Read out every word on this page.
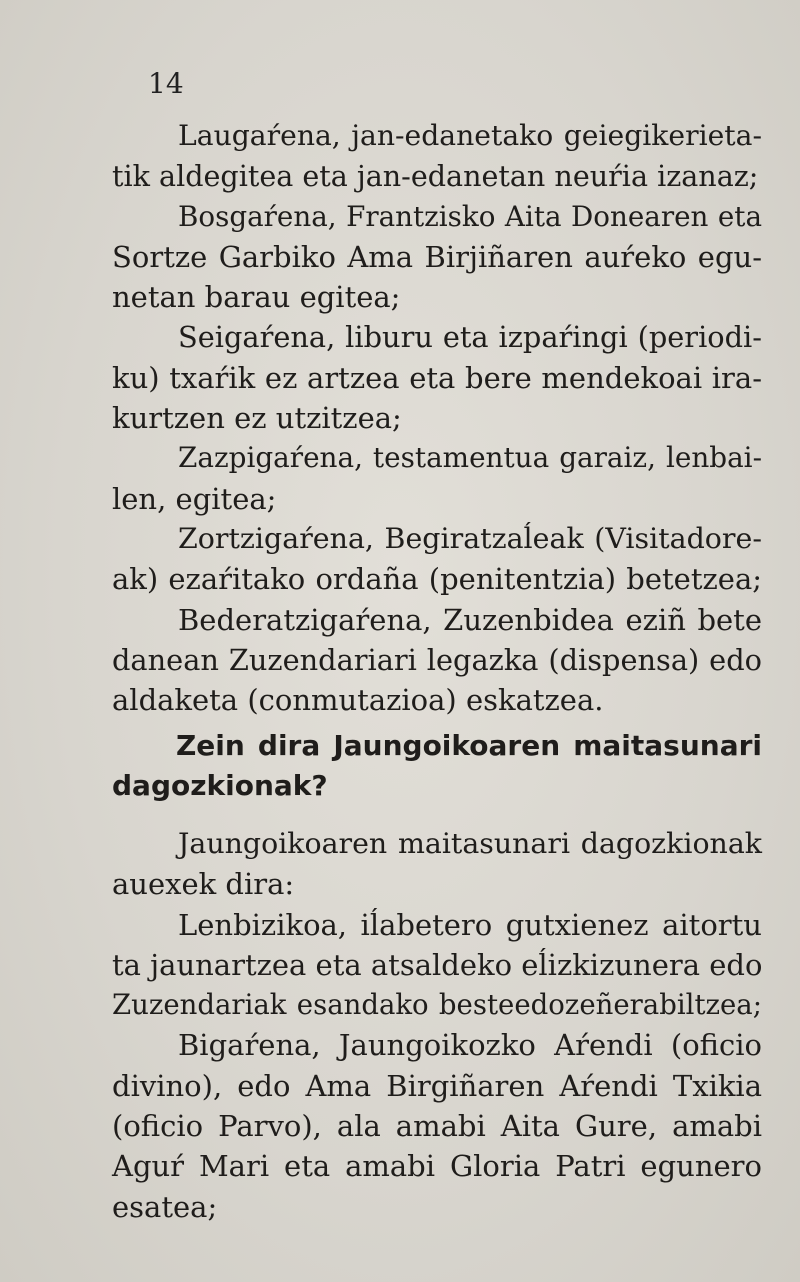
14

Laugaŕena, jan-edanetako geiegikerieta-
tik aldegitea eta jan-edanetan neuŕia izanaz;
Bosgaŕena, Frantzisko Aita Donearen eta
Sortze Garbiko Ama Birjiñaren auŕeko egu-
netan barau egitea;
Seigaŕena, liburu eta izpaŕingi (periodi-
ku) txaŕik ez artzea eta bere mendekoai ira-
kurtzen ez utzitzea;
Zazpigaŕena, testamentua garaiz, lenbai-
len, egitea;
Zortzigaŕena, Begiratzaĺeak (Visitadore-
ak) ezaŕitako ordaña (penitentzia) betetzea;
Bederatzigaŕena, Zuzenbidea eziñ bete
danean Zuzendariari legazka (dispensa) edo
aldaketa (conmutazioa) eskatzea.
Zein dira Jaungoikoaren maitasunari
dagozkionak?
Jaungoikoaren maitasunari dagozkionak
auexek dira:
Lenbizikoa, iĺabetero gutxienez aitortu
ta jaunartzea eta atsaldeko eĺizkizunera edo
Zuzendariak esandako besteedozeñerabiltzea;
Bigaŕena, Jaungoikozko Aŕendi (oficio
divino), edo Ama Birgiñaren Aŕendi Txikia
(oficio Parvo), ala amabi Aita Gure, amabi
Aguŕ Mari eta amabi Gloria Patri egunero
esatea;
